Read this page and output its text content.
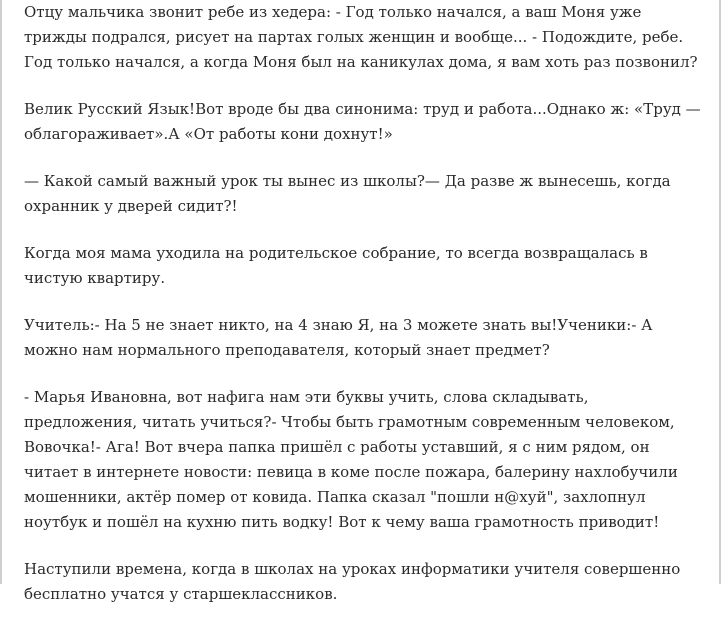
Отцу мальчика звонит ребе из хедера: - Год только начался, а ваш Моня уже трижды подрался, рисует на партах голых женщин и вообще... - Подождите, ребе. Год только начался, а когда Моня был на каникулах дома, я вам хоть раз позвонил?

Велик Русский Язык!Вот вроде бы два синонима: труд и работа...Однако ж: «Труд — облагораживает».А «От работы кони дохнут!»

— Какой самый важный урок ты вынес из школы?— Да разве ж вынесешь, когда охранник у дверей сидит?!

Когда моя мама уходила на родительское собрание, то всегда возвращалась в чистую квартиру.

Учитель:- На 5 не знает никто, на 4 знаю Я, на 3 можете знать вы!Ученики:- А можно нам нормального преподавателя, который знает предмет?

- Марья Ивановна, вот нафига нам эти буквы учить, слова складывать, предложения, читать учиться?- Чтобы быть грамотным современным человеком, Вовочка!- Ага! Вот вчера папка пришёл с работы уставший, я с ним рядом, он читает в интернете новости: певица в коме после пожара, балерину нахлобучили мошенники, актёр помер от ковида. Папка сказал "пошли н@хуй", захлопнул ноутбук и пошёл на кухню пить водку! Вот к чему ваша грамотность приводит!

Наступили времена, когда в школах на уроках информатики учителя совершенно бесплатно учатся у старшеклассников.
